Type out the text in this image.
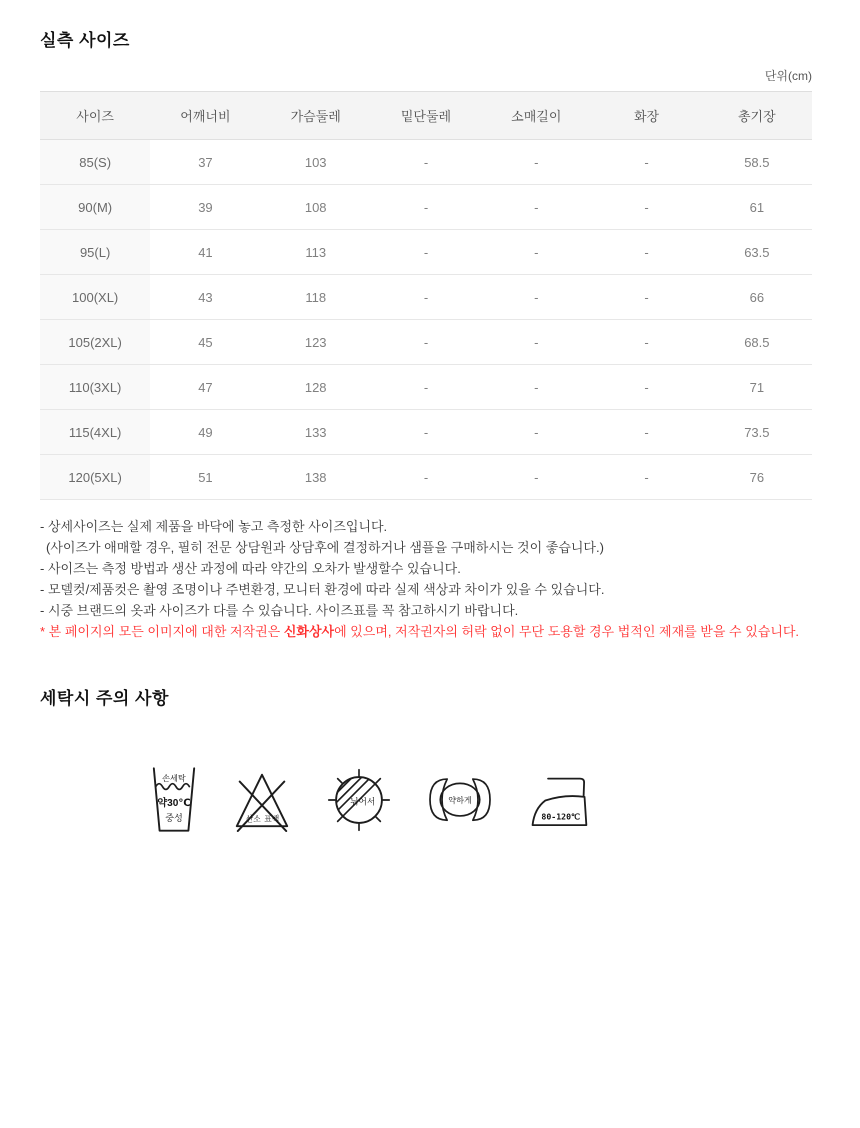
실측 사이즈
단위(cm)
사이즈	어깨너비	가슴둘레	밑단둘레	소매길이	화장	총기장
85(S)	37	103	-	-	-	58.5
90(M)	39	108	-	-	-	61
95(L)	41	113	-	-	-	63.5
100(XL)	43	118	-	-	-	66
105(2XL)	45	123	-	-	-	68.5
110(3XL)	47	128	-	-	-	71
115(4XL)	49	133	-	-	-	73.5
120(5XL)	51	138	-	-	-	76
- 상세사이즈는 실제 제품을 바닥에 놓고 측정한 사이즈입니다.
(사이즈가 애매할 경우, 필히 전문 상담원과 상담후에 결정하거나 샘플을 구매하시는 것이 좋습니다.)
- 사이즈는 측정 방법과 생산 과정에 따라 약간의 오차가 발생할수 있습니다.
- 모델컷/제품컷은 촬영 조명이나 주변환경, 모니터 환경에 따라 실제 색상과 차이가 있을 수 있습니다.
- 시중 브랜드의 옷과 사이즈가 다를 수 있습니다. 사이즈표를 꼭 참고하시기 바랍니다.
* 본 페이지의 모든 이미지에 대한 저작권은 신화상사에 있으며, 저작권자의 허락 없이 무단 도용할 경우 법적인 제재를 받을 수 있습니다.
세탁시 주의 사항
손세탁
약30℃
중성	산소 표백
뉘어서	약하게
80-120℃
